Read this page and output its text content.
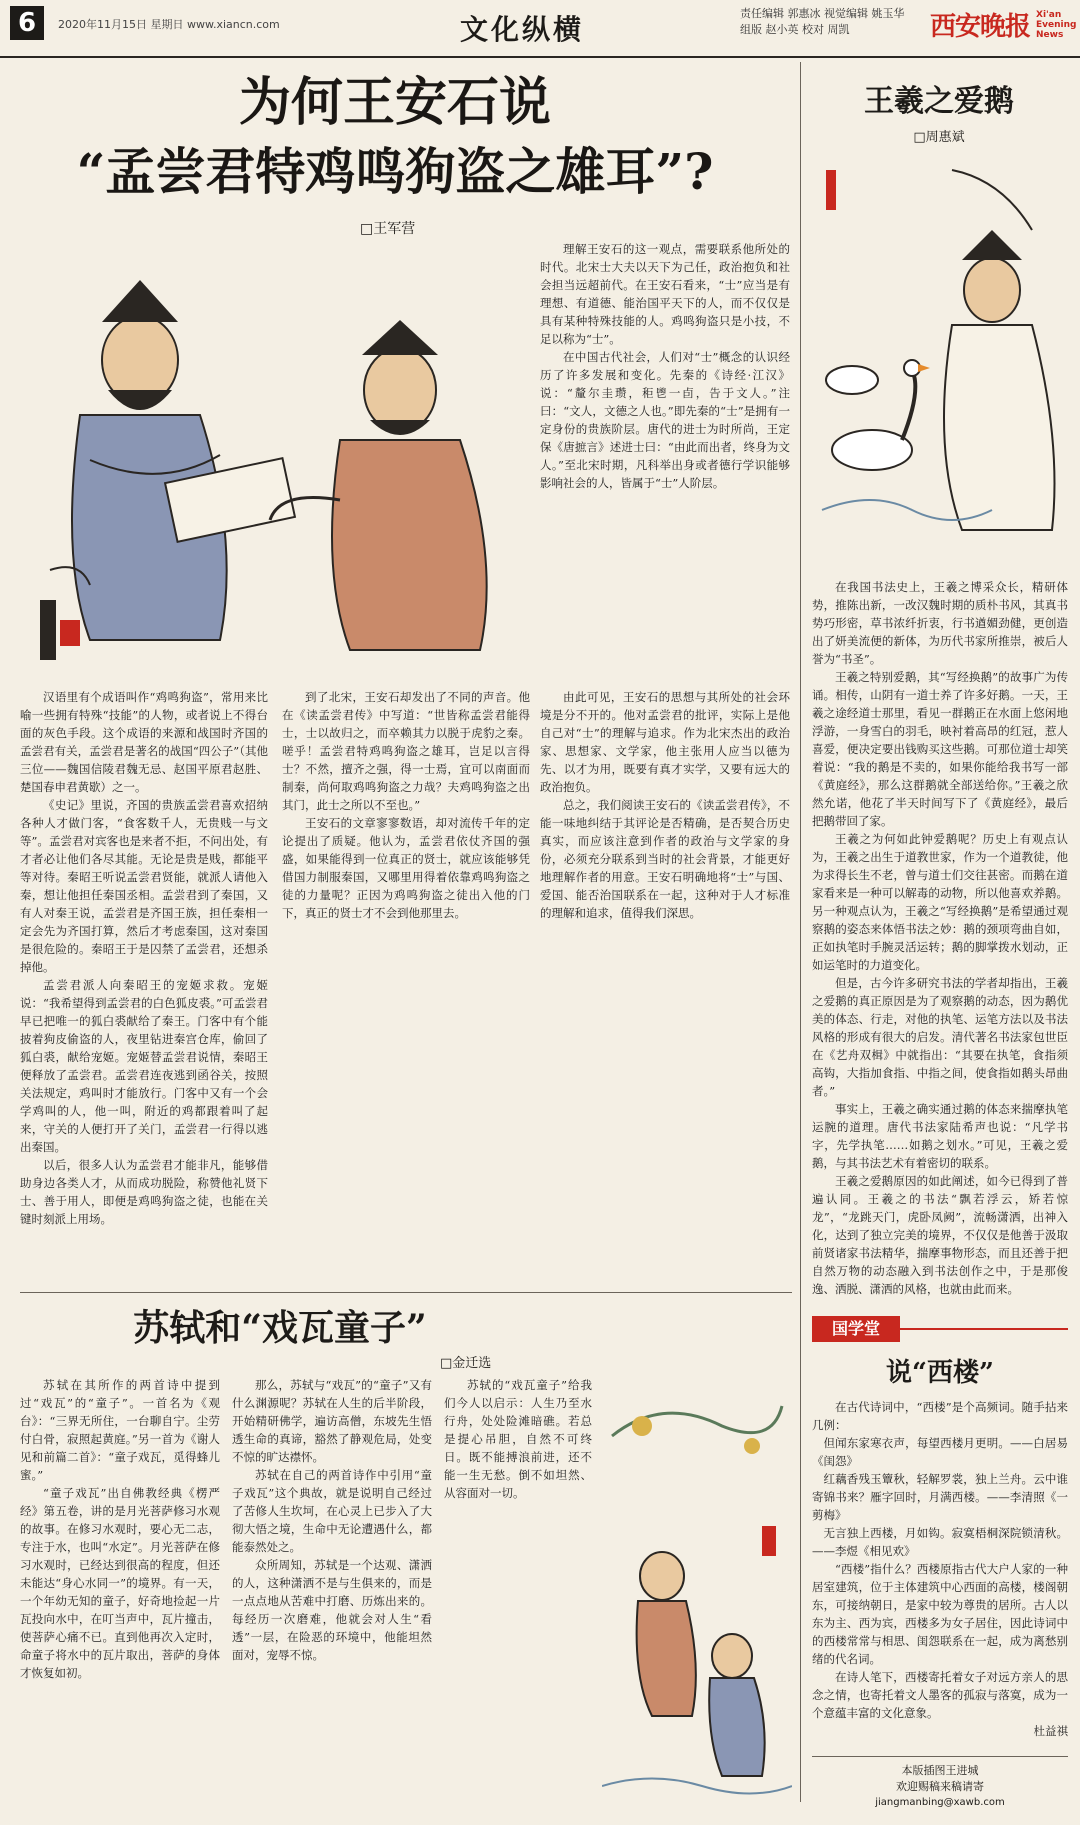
6	2020年11月15日 星期日 www.xiancn.com	文化纵横	责任编辑 郭惠冰 视觉编辑 姚玉华
组版 赵小英 校对 周凯	西安晚报 Xi'an Evening News
为何王安石说
“孟尝君特鸡鸣狗盗之雄耳”?
□王军营

理解王安石的这一观点，需要联系他所处的时代。北宋士大夫以天下为己任，政治抱负和社会担当远超前代。在王安石看来，“士”应当是有理想、有道德、能治国平天下的人，而不仅仅是具有某种特殊技能的人。鸡鸣狗盗只是小技，不足以称为“士”。

在中国古代社会，人们对“士”概念的认识经历了许多发展和变化。先秦的《诗经·江汉》说：“釐尔圭瓒，秬鬯一卣，告于文人。”注曰：“文人，文德之人也。”即先秦的“士”是拥有一定身份的贵族阶层。唐代的进士为时所尚，王定保《唐摭言》述进士曰：“由此而出者，终身为文人。”至北宋时期，凡科举出身或者德行学识能够影响社会的人，皆属于“士”人阶层。

汉语里有个成语叫作“鸡鸣狗盗”，常用来比喻一些拥有特殊“技能”的人物，或者说上不得台面的灰色手段。这个成语的来源和战国时齐国的孟尝君有关，孟尝君是著名的战国“四公子”（其他三位——魏国信陵君魏无忌、赵国平原君赵胜、楚国春申君黄歇）之一。

《史记》里说，齐国的贵族孟尝君喜欢招纳各种人才做门客，“食客数千人，无贵贱一与文等”。孟尝君对宾客也是来者不拒，不问出处，有才者必让他们各尽其能。无论是贵是贱，都能平等对待。秦昭王听说孟尝君贤能，就派人请他入秦，想让他担任秦国丞相。孟尝君到了秦国，又有人对秦王说，孟尝君是齐国王族，担任秦相一定会先为齐国打算，然后才考虑秦国，这对秦国是很危险的。秦昭王于是囚禁了孟尝君，还想杀掉他。

孟尝君派人向秦昭王的宠姬求救。宠姬说：“我希望得到孟尝君的白色狐皮裘。”可孟尝君早已把唯一的狐白裘献给了秦王。门客中有个能披着狗皮偷盗的人，夜里钻进秦宫仓库，偷回了狐白裘，献给宠姬。宠姬替孟尝君说情，秦昭王便释放了孟尝君。孟尝君连夜逃到函谷关，按照关法规定，鸡叫时才能放行。门客中又有一个会学鸡叫的人，他一叫，附近的鸡都跟着叫了起来，守关的人便打开了关门，孟尝君一行得以逃出秦国。

以后，很多人认为孟尝君才能非凡，能够借助身边各类人才，从而成功脱险，称赞他礼贤下士、善于用人，即便是鸡鸣狗盗之徒，也能在关键时刻派上用场。

到了北宋，王安石却发出了不同的声音。他在《读孟尝君传》中写道：“世皆称孟尝君能得士，士以故归之，而卒赖其力以脱于虎豹之秦。嗟乎！孟尝君特鸡鸣狗盗之雄耳，岂足以言得士？不然，擅齐之强，得一士焉，宜可以南面而制秦，尚何取鸡鸣狗盗之力哉？夫鸡鸣狗盗之出其门，此士之所以不至也。”

王安石的文章寥寥数语，却对流传千年的定论提出了质疑。他认为，孟尝君依仗齐国的强盛，如果能得到一位真正的贤士，就应该能够凭借国力制服秦国，又哪里用得着依靠鸡鸣狗盗之徒的力量呢？正因为鸡鸣狗盗之徒出入他的门下，真正的贤士才不会到他那里去。

由此可见，王安石的思想与其所处的社会环境是分不开的。他对孟尝君的批评，实际上是他自己对“士”的理解与追求。作为北宋杰出的政治家、思想家、文学家，他主张用人应当以德为先、以才为用，既要有真才实学，又要有远大的政治抱负。

总之，我们阅读王安石的《读孟尝君传》，不能一味地纠结于其评论是否精确，是否契合历史真实，而应该注意到作者的政治与文学家的身份，必须充分联系到当时的社会背景，才能更好地理解作者的用意。王安石明确地将“士”与国、爱国、能否治国联系在一起，这种对于人才标准的理解和追求，值得我们深思。

王羲之爱鹅
□周惠斌

在我国书法史上，王羲之博采众长，精研体势，推陈出新，一改汉魏时期的质朴书风，其真书势巧形密，草书浓纤折衷，行书遒媚劲健，更创造出了妍美流便的新体，为历代书家所推崇，被后人誉为“书圣”。

王羲之特别爱鹅，其“写经换鹅”的故事广为传诵。相传，山阴有一道士养了许多好鹅。一天，王羲之途经道士那里，看见一群鹅正在水面上悠闲地浮游，一身雪白的羽毛，映衬着高昂的红冠，惹人喜爱，便决定要出钱购买这些鹅。可那位道士却笑着说：“我的鹅是不卖的，如果你能给我书写一部《黄庭经》，那么这群鹅就全部送给你。”王羲之欣然允诺，他花了半天时间写下了《黄庭经》，最后把鹅带回了家。

王羲之为何如此钟爱鹅呢？历史上有观点认为，王羲之出生于道教世家，作为一个道教徒，他为求得长生不老，曾与道士们交往甚密。而鹅在道家看来是一种可以解毒的动物，所以他喜欢养鹅。另一种观点认为，王羲之“写经换鹅”是希望通过观察鹅的姿态来体悟书法之妙：鹅的颈项弯曲自如，正如执笔时手腕灵活运转；鹅的脚掌拨水划动，正如运笔时的力道变化。

但是，古今许多研究书法的学者却指出，王羲之爱鹅的真正原因是为了观察鹅的动态，因为鹅优美的体态、行走，对他的执笔、运笔方法以及书法风格的形成有很大的启发。清代著名书法家包世臣在《艺舟双楫》中就指出：“其要在执笔，食指须高钩，大指加食指、中指之间，使食指如鹅头昂曲者。”

事实上，王羲之确实通过鹅的体态来揣摩执笔运腕的道理。唐代书法家陆希声也说：“凡学书字，先学执笔……如鹅之划水。”可见，王羲之爱鹅，与其书法艺术有着密切的联系。

王羲之爱鹅原因的如此阐述，如今已得到了普遍认同。王羲之的书法“飘若浮云，矫若惊龙”，“龙跳天门，虎卧凤阙”，流畅潇洒，出神入化，达到了独立完美的境界，不仅仅是他善于汲取前贤诸家书法精华，揣摩事物形态，而且还善于把自然万物的动态融入到书法创作之中，于是那俊逸、洒脱、潇洒的风格，也就由此而来。

国学堂
说“西楼”

在古代诗词中，“西楼”是个高频词。随手拈来几例：

但闻东家寒衣声，每望西楼月更明。——白居易《闺怨》

红藕香残玉簟秋，轻解罗裳，独上兰舟。云中谁寄锦书来？雁字回时，月满西楼。——李清照《一剪梅》

无言独上西楼，月如钩。寂寞梧桐深院锁清秋。——李煜《相见欢》

“西楼”指什么？西楼原指古代大户人家的一种居室建筑，位于主体建筑中心西面的高楼，楼阁朝东，可接纳朝日，是家中较为尊贵的居所。古人以东为主、西为宾，西楼多为女子居住，因此诗词中的西楼常常与相思、闺怨联系在一起，成为离愁别绪的代名词。

在诗人笔下，西楼寄托着女子对远方亲人的思念之情，也寄托着文人墨客的孤寂与落寞，成为一个意蕴丰富的文化意象。

杜益祺

本版插图王进城
欢迎赐稿来稿请寄
jiangmanbing@xawb.com
苏轼和“戏瓦童子”
□金迁选

苏轼在其所作的两首诗中提到过“戏瓦”的“童子”。一首名为《观台》：“三界无所住，一台聊自宁。尘劳付白骨，寂照起黄庭。”另一首为《谢人见和前篇二首》：“童子戏瓦，觅得蜂儿蜜。”

“童子戏瓦”出自佛教经典《楞严经》第五卷，讲的是月光菩萨修习水观的故事。在修习水观时，要心无二志，专注于水，也叫“水定”。月光菩萨在修习水观时，已经达到很高的程度，但还未能达“身心水同一”的境界。有一天，一个年幼无知的童子，好奇地捡起一片瓦投向水中，在叮当声中，瓦片撞击，使菩萨心痛不已。直到他再次入定时，命童子将水中的瓦片取出，菩萨的身体才恢复如初。

那么，苏轼与“戏瓦”的“童子”又有什么渊源呢？苏轼在人生的后半阶段，开始精研佛学，遍访高僧，东坡先生悟透生命的真谛，豁然了静观危局，处变不惊的旷达襟怀。

苏轼在自己的两首诗作中引用“童子戏瓦”这个典故，就是说明自己经过了苦修人生坎坷，在心灵上已步入了大彻大悟之境，生命中无论遭遇什么，都能泰然处之。

众所周知，苏轼是一个达观、潇洒的人，这种潇洒不是与生俱来的，而是一点点地从苦难中打磨、历炼出来的。每经历一次磨难，他就会对人生“看透”一层，在险恶的环境中，他能坦然面对，宠辱不惊。

苏轼的“戏瓦童子”给我们今人以启示：人生乃至水行舟，处处险滩暗礁。若总是提心吊胆，自然不可终日。既不能搏浪前进，还不能一生无愁。倒不如坦然、从容面对一切。
